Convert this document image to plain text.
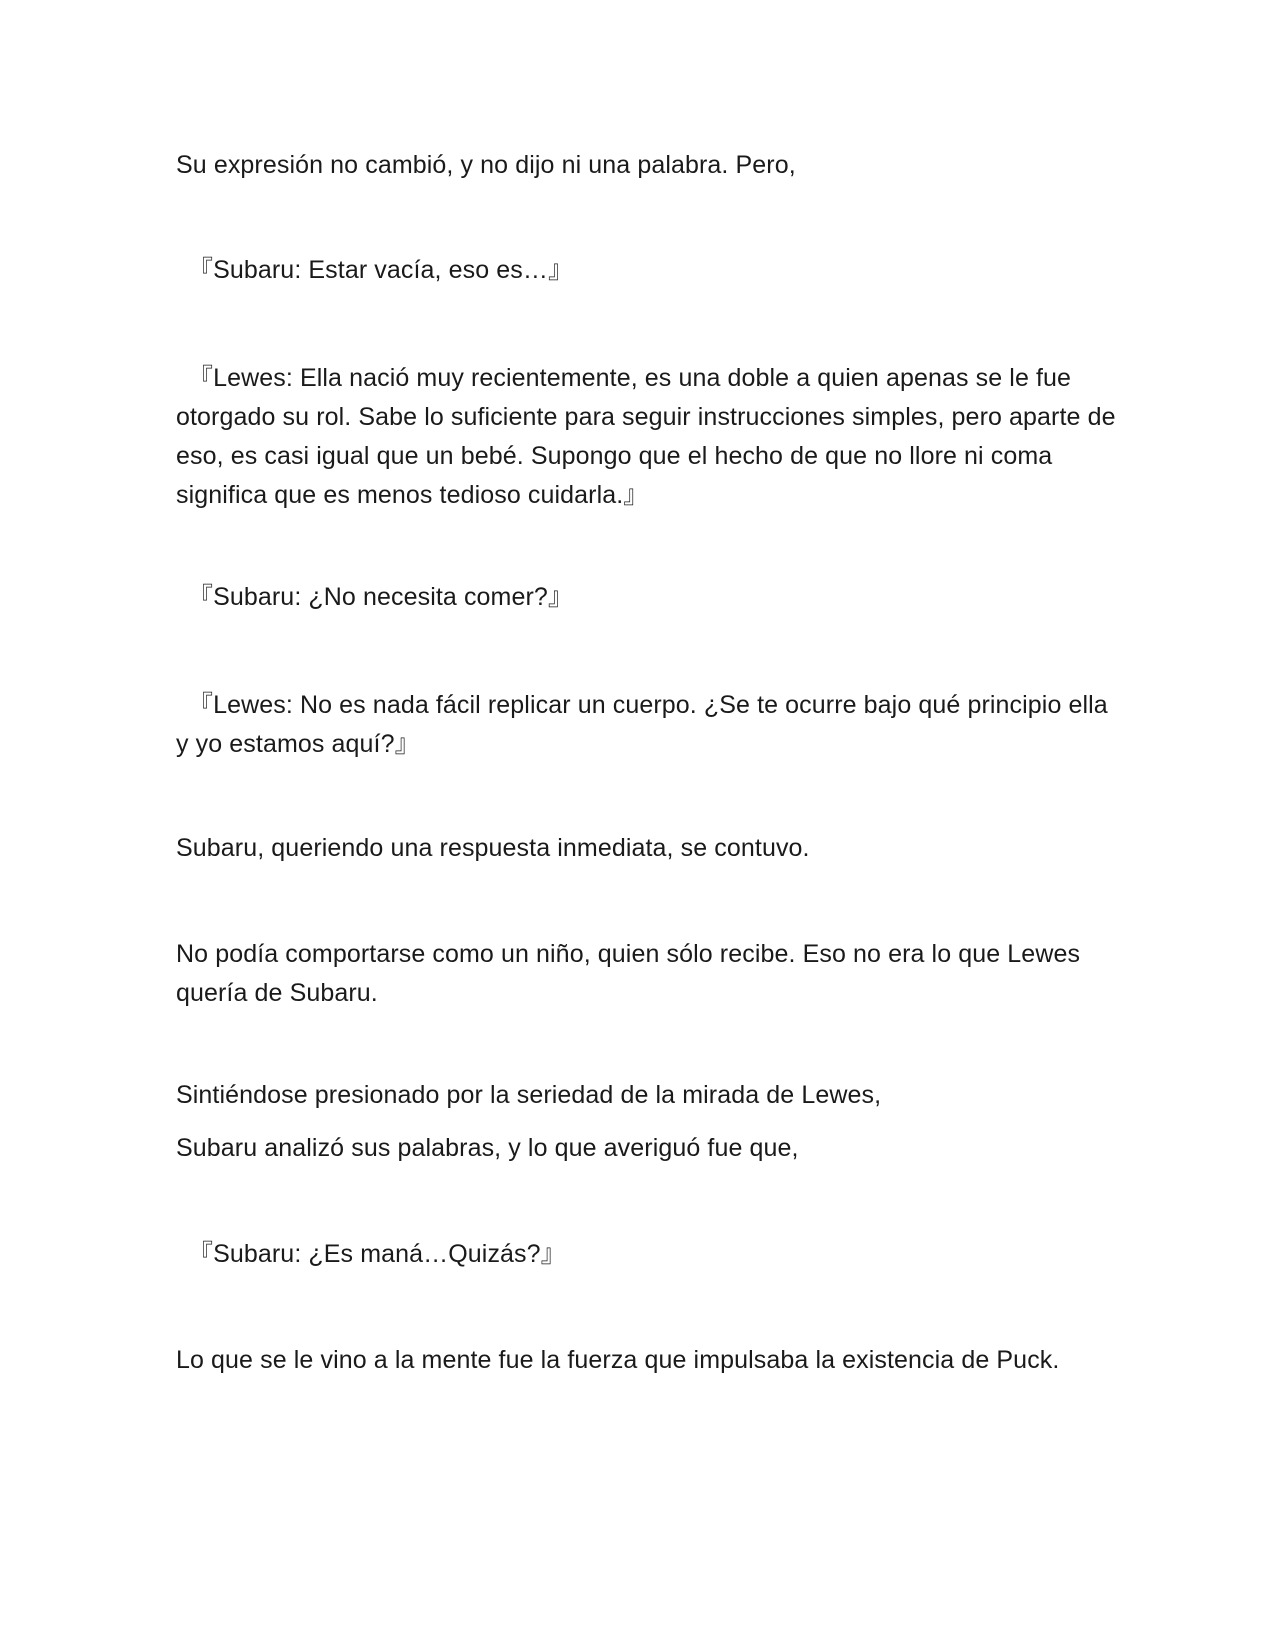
Su expresión no cambió, y no dijo ni una palabra. Pero,

『Subaru: Estar vacía, eso es…』

『Lewes: Ella nació muy recientemente, es una doble a quien apenas se le fue otorgado su rol. Sabe lo suficiente para seguir instrucciones simples, pero aparte de eso, es casi igual que un bebé. Supongo que el hecho de que no llore ni coma significa que es menos tedioso cuidarla.』

『Subaru: ¿No necesita comer?』

『Lewes: No es nada fácil replicar un cuerpo. ¿Se te ocurre bajo qué principio ella y yo estamos aquí?』

Subaru, queriendo una respuesta inmediata, se contuvo.

No podía comportarse como un niño, quien sólo recibe. Eso no era lo que Lewes quería de Subaru.

Sintiéndose presionado por la seriedad de la mirada de Lewes,

Subaru analizó sus palabras, y lo que averiguó fue que,

『Subaru: ¿Es maná…Quizás?』

Lo que se le vino a la mente fue la fuerza que impulsaba la existencia de Puck.
